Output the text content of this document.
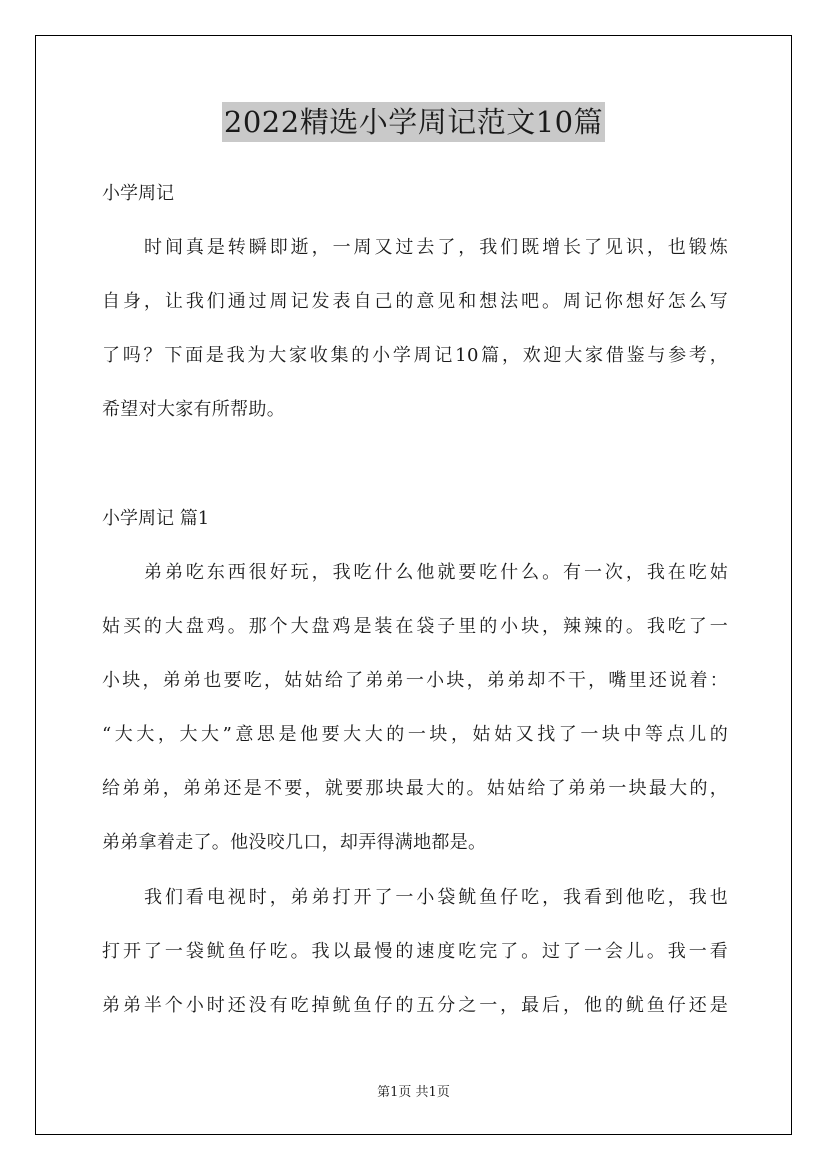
2022精选小学周记范文10篇
小学周记
时间真是转瞬即逝，一周又过去了，我们既增长了见识，也锻炼
自身，让我们通过周记发表自己的意见和想法吧。周记你想好怎么写
了吗？下面是我为大家收集的小学周记10篇，欢迎大家借鉴与参考，
希望对大家有所帮助。
小学周记 篇1
弟弟吃东西很好玩，我吃什么他就要吃什么。有一次，我在吃姑
姑买的大盘鸡。那个大盘鸡是装在袋子里的小块，辣辣的。我吃了一
小块，弟弟也要吃，姑姑给了弟弟一小块，弟弟却不干，嘴里还说着：
“大大，大大”意思是他要大大的一块，姑姑又找了一块中等点儿的
给弟弟，弟弟还是不要，就要那块最大的。姑姑给了弟弟一块最大的，
弟弟拿着走了。他没咬几口，却弄得满地都是。
我们看电视时，弟弟打开了一小袋鱿鱼仔吃，我看到他吃，我也
打开了一袋鱿鱼仔吃。我以最慢的速度吃完了。过了一会儿。我一看
弟弟半个小时还没有吃掉鱿鱼仔的五分之一，最后，他的鱿鱼仔还是
第1页 共1页
